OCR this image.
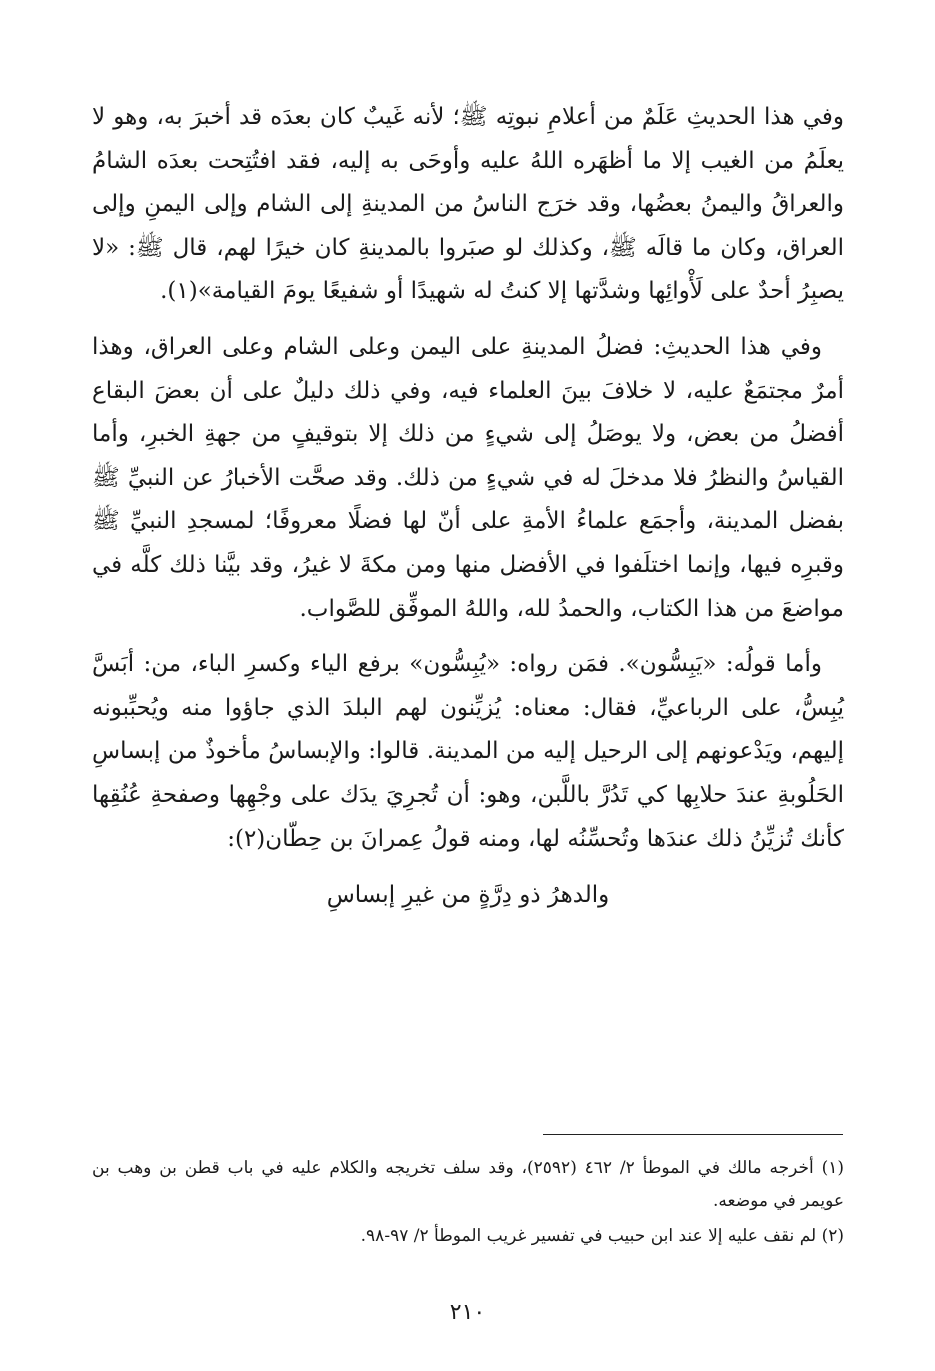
وفي هذا الحديثِ عَلَمٌ من أعلامِ نبوتِه ﷺ؛ لأنه غَيبٌ كان بعدَه قد أخبرَ به، وهو لا يعلَمُ من الغيب إلا ما أظهَره اللهُ عليه وأوحَى به إليه، فقد افتُتِحت بعدَه الشامُ والعراقُ واليمنُ بعضُها، وقد خرَج الناسُ من المدينةِ إلى الشام وإلى اليمنِ وإلى العراق، وكان ما قالَه ﷺ، وكذلك لو صبَروا بالمدينةِ كان خيرًا لهم، قال ﷺ: «لا يصبِرُ أحدٌ على لَأْوائِها وشدَّتها إلا كنتُ له شهيدًا أو شفيعًا يومَ القيامة»(١).

وفي هذا الحديثِ: فضلُ المدينةِ على اليمن وعلى الشام وعلى العراق، وهذا أمرٌ مجتمَعٌ عليه، لا خلافَ بينَ العلماء فيه، وفي ذلك دليلٌ على أن بعضَ البقاع أفضلُ من بعض، ولا يوصَلُ إلى شيءٍ من ذلك إلا بتوقيفٍ من جهةِ الخبرِ، وأما القياسُ والنظرُ فلا مدخلَ له في شيءٍ من ذلك. وقد صحَّت الأخبارُ عن النبيِّ ﷺ بفضل المدينة، وأجمَع علماءُ الأمةِ على أنّ لها فضلًا معروفًا؛ لمسجدِ النبيِّ ﷺ وقبرِه فيها، وإنما اختلَفوا في الأفضل منها ومن مكةَ لا غيرُ، وقد بيَّنا ذلك كلَّه في مواضعَ من هذا الكتاب، والحمدُ لله، واللهُ الموفِّق للصَّواب.

وأما قولُه: «يَبِسُّون». فمَن رواه: «يُبِسُّون» برفع الياء وكسرِ الباء، من: أبَسَّ يُبِسُّ، على الرباعيِّ، فقال: معناه: يُزيِّنون لهم البلدَ الذي جاؤوا منه ويُحبِّبونه إليهم، ويَدْعونهم إلى الرحيل إليه من المدينة. قالوا: والإبساسُ مأخوذٌ من إبساسِ الحَلُوبةِ عندَ حلابِها كي تَدُرَّ باللَّبن، وهو: أن تُجرِيَ يدَك على وجْهِها وصفحةِ عُنُقِها كأنك تُزيِّنُ ذلك عندَها وتُحسِّنُه لها، ومنه قولُ عِمرانَ بن حِطّان(٢):

والدهرُ ذو دِرَّةٍ من غيرِ إبساسِ

(١) أخرجه مالك في الموطأ ٢/ ٤٦٢ (٢٥٩٢)، وقد سلف تخريجه والكلام عليه في باب قطن بن وهب بن عويمر في موضعه.

(٢) لم نقف عليه إلا عند ابن حبيب في تفسير غريب الموطأ ٢/ ٩٧-٩٨.

٢١٠
